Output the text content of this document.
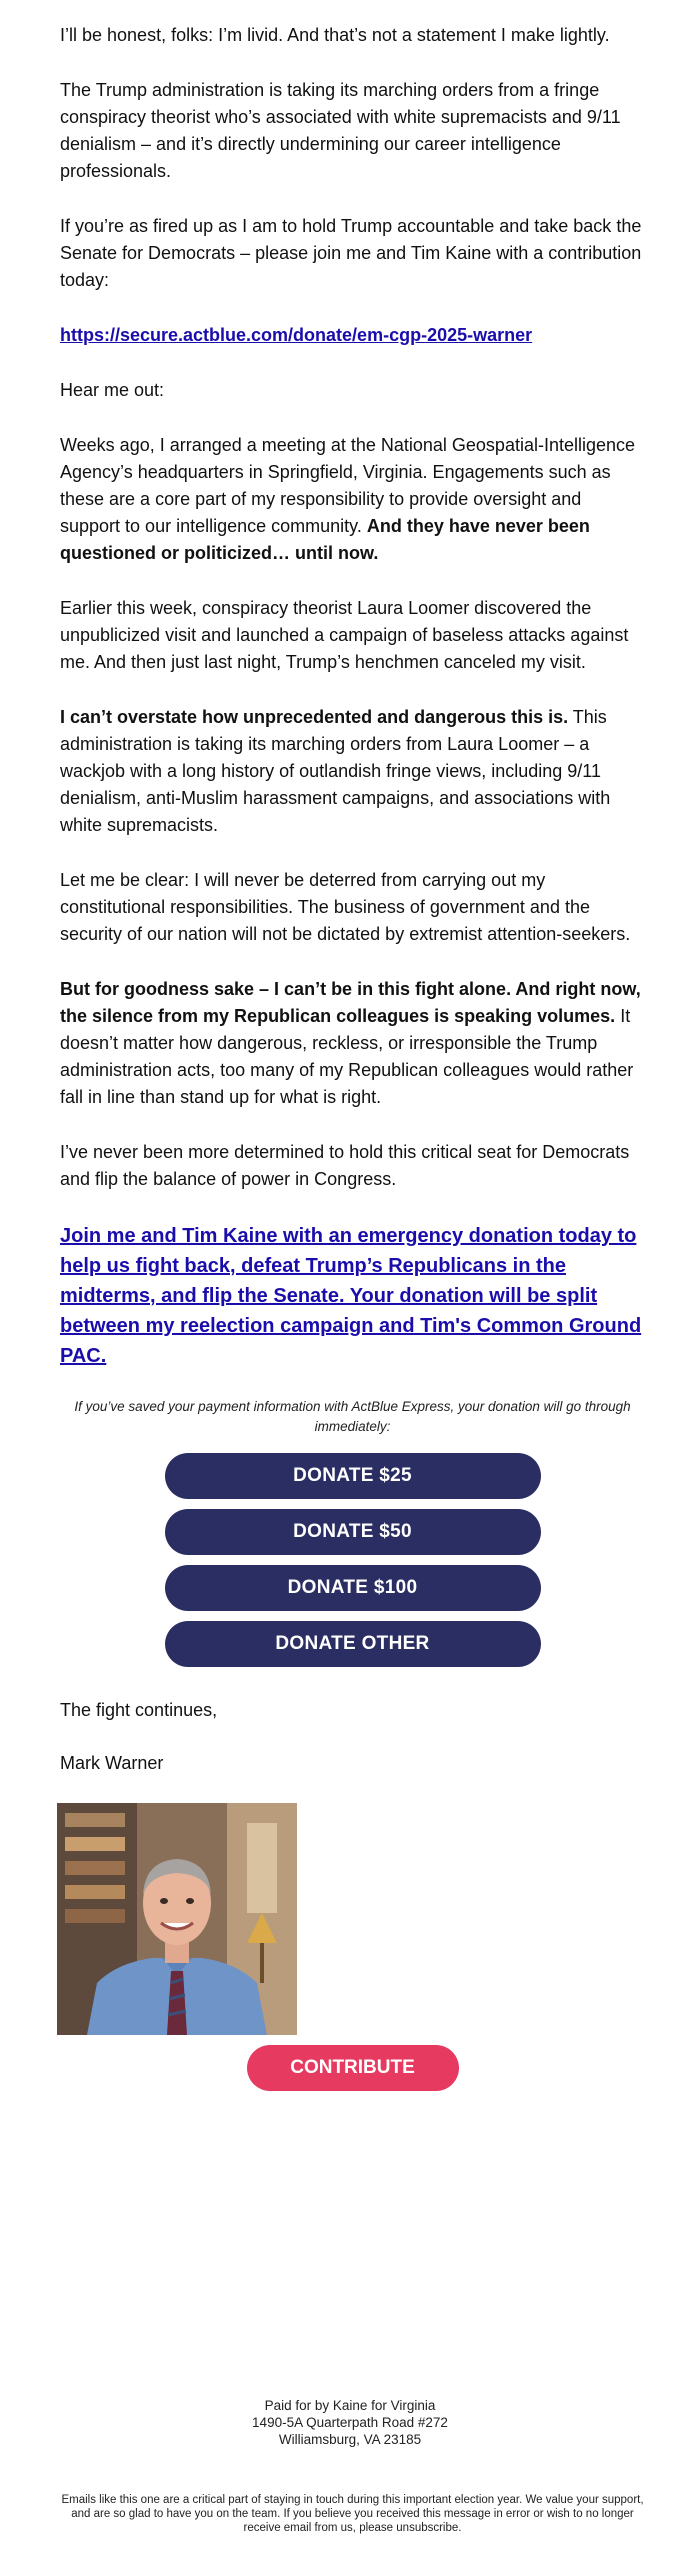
I’ll be honest, folks: I’m livid. And that’s not a statement I make lightly.

The Trump administration is taking its marching orders from a fringe conspiracy theorist who’s associated with white supremacists and 9/11 denialism – and it’s directly undermining our career intelligence professionals.

If you’re as fired up as I am to hold Trump accountable and take back the Senate for Democrats – please join me and Tim Kaine with a contribution today:

https://secure.actblue.com/donate/em-cgp-2025-warner

Hear me out:

Weeks ago, I arranged a meeting at the National Geospatial-Intelligence Agency’s headquarters in Springfield, Virginia. Engagements such as these are a core part of my responsibility to provide oversight and support to our intelligence community. And they have never been questioned or politicized… until now.

Earlier this week, conspiracy theorist Laura Loomer discovered the unpublicized visit and launched a campaign of baseless attacks against me. And then just last night, Trump’s henchmen canceled my visit.

I can’t overstate how unprecedented and dangerous this is. This administration is taking its marching orders from Laura Loomer – a wackjob with a long history of outlandish fringe views, including 9/11 denialism, anti-Muslim harassment campaigns, and associations with white supremacists.

Let me be clear: I will never be deterred from carrying out my constitutional responsibilities. The business of government and the security of our nation will not be dictated by extremist attention-seekers.

But for goodness sake – I can’t be in this fight alone. And right now, the silence from my Republican colleagues is speaking volumes. It doesn’t matter how dangerous, reckless, or irresponsible the Trump administration acts, too many of my Republican colleagues would rather fall in line than stand up for what is right.

I’ve never been more determined to hold this critical seat for Democrats and flip the balance of power in Congress.

Join me and Tim Kaine with an emergency donation today to help us fight back, defeat Trump’s Republicans in the midterms, and flip the Senate. Your donation will be split between my reelection campaign and Tim's Common Ground PAC.

If you’ve saved your payment information with ActBlue Express, your donation will go through immediately:

DONATE $25
DONATE $50
DONATE $100
DONATE OTHER

The fight continues,

Mark Warner

CONTRIBUTE
Paid for by Kaine for Virginia
1490-5A Quarterpath Road #272
Williamsburg, VA 23185
Emails like this one are a critical part of staying in touch during this important election year. We value your support, and are so glad to have you on the team. If you believe you received this message in error or wish to no longer receive email from us, please unsubscribe.
